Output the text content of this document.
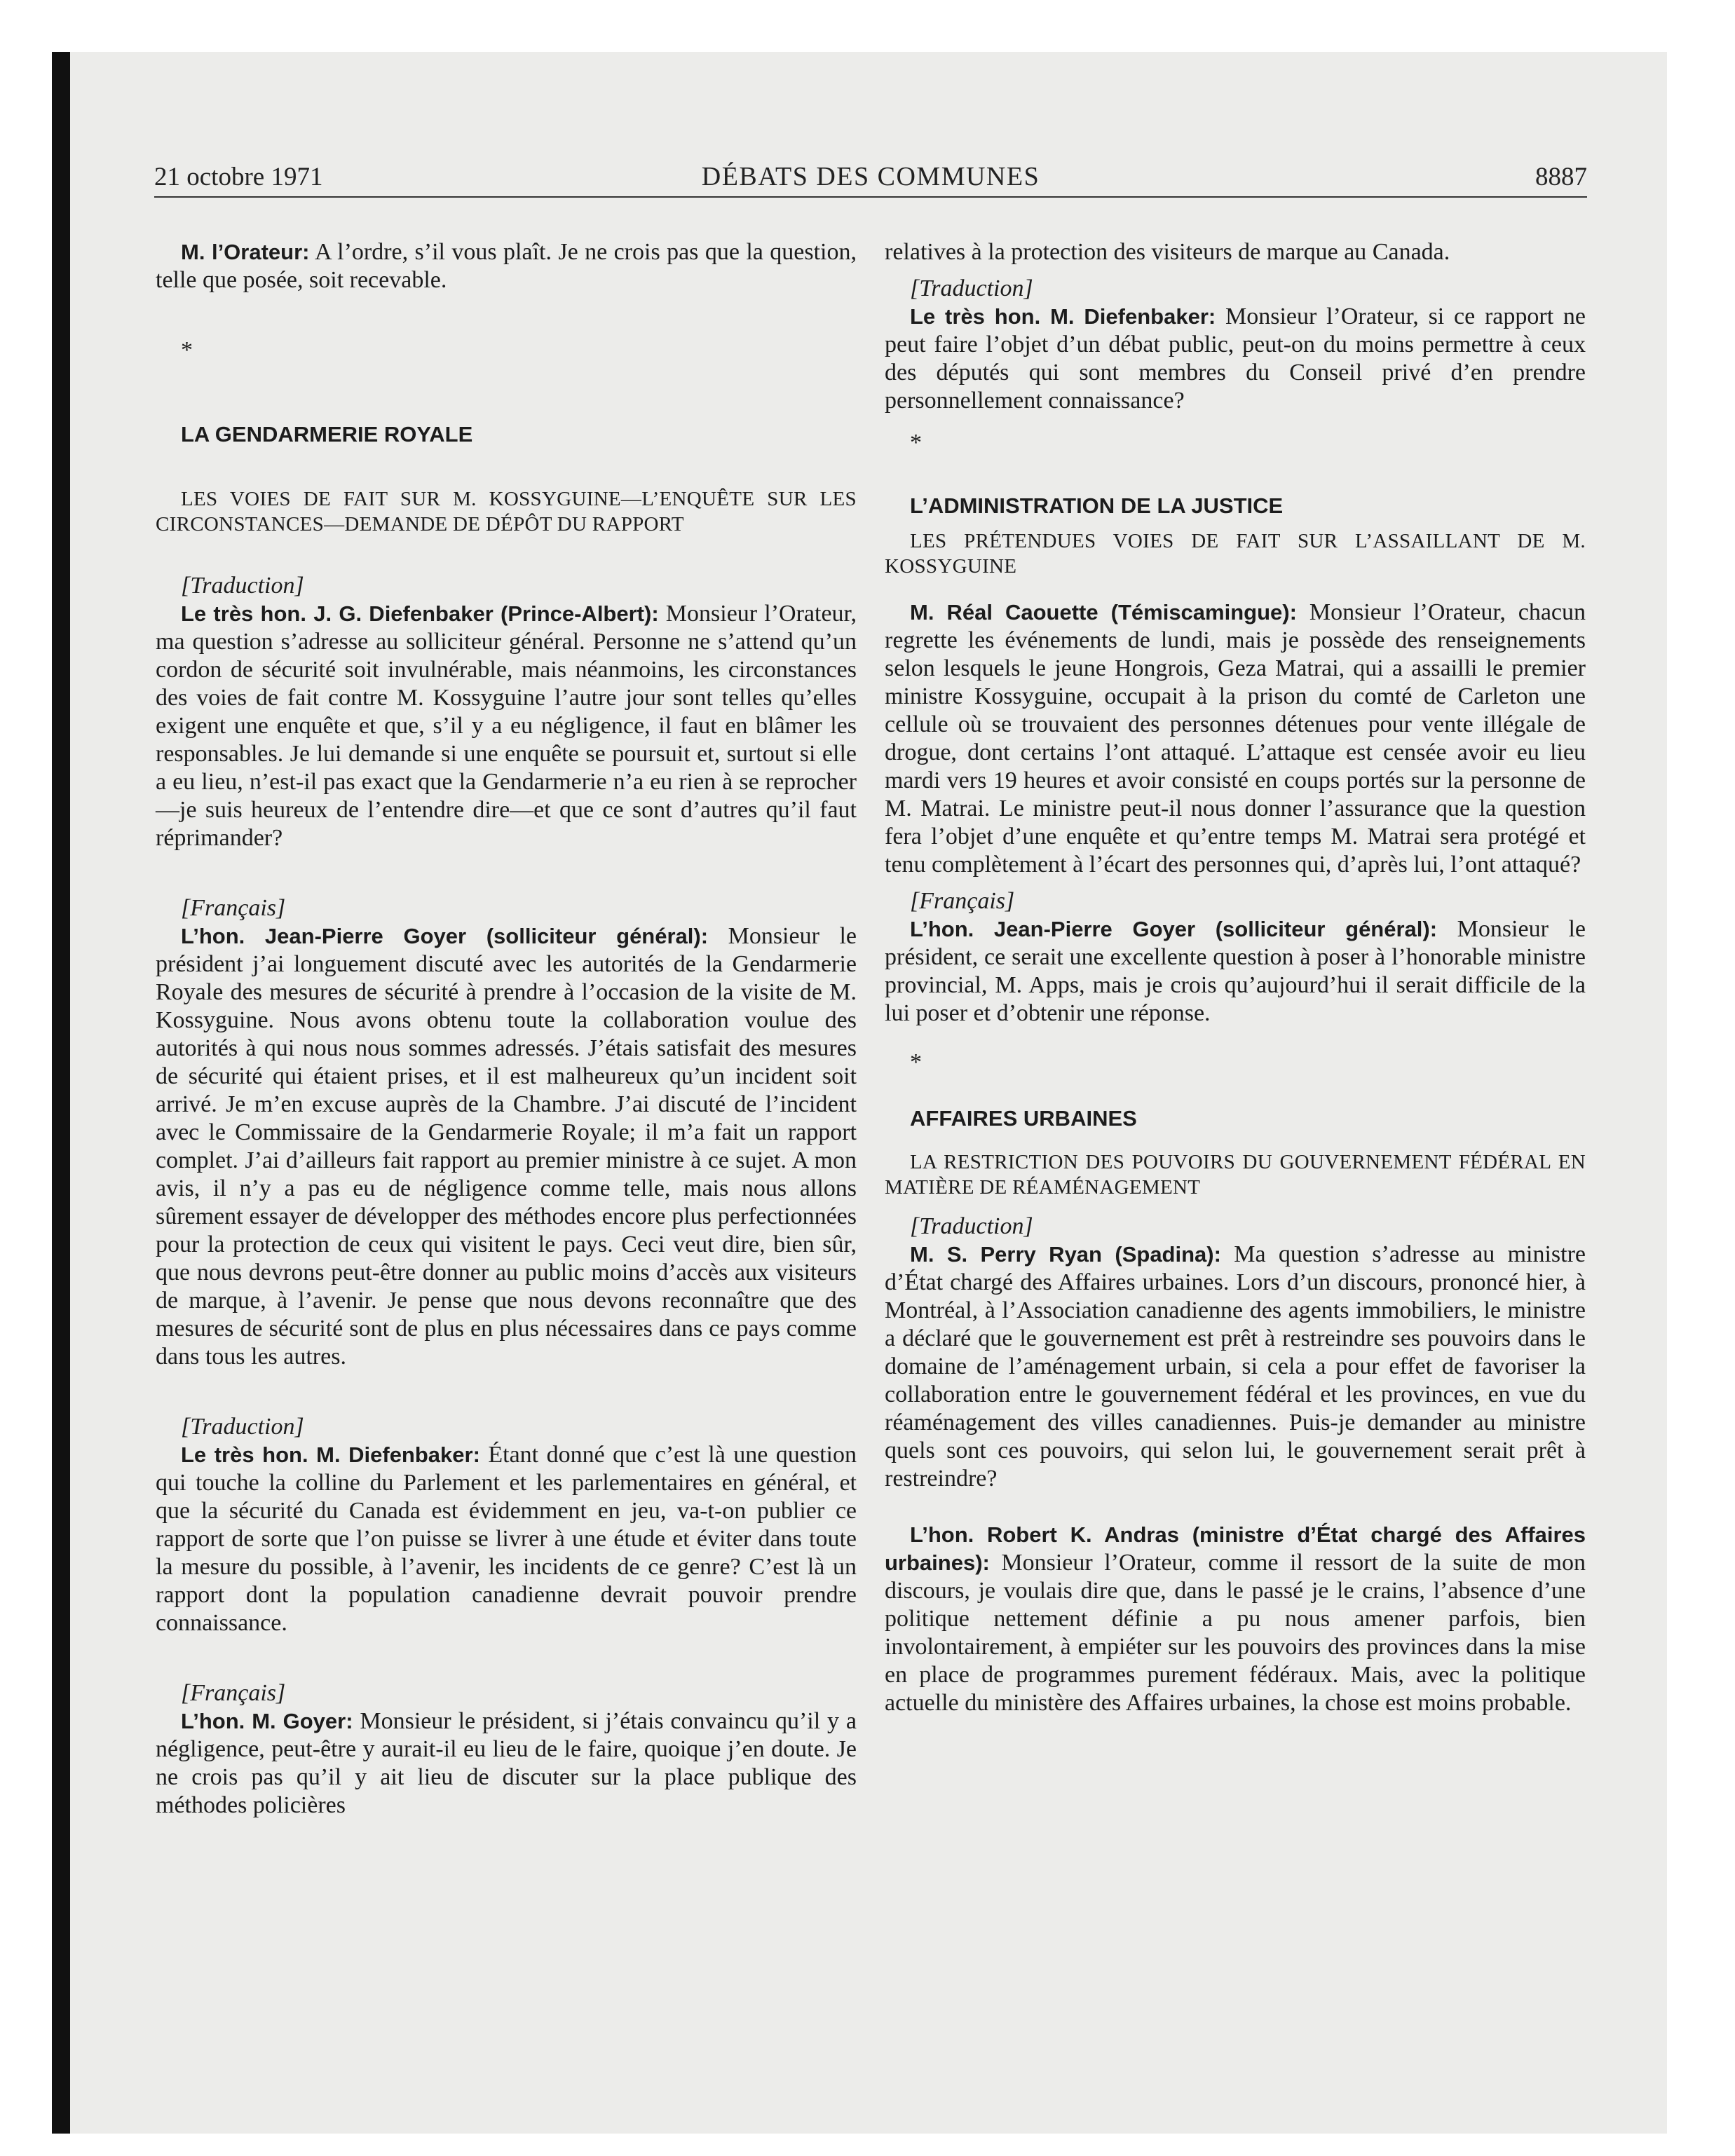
21 octobre 1971	DÉBATS DES COMMUNES	8887

M. l’Orateur: A l’ordre, s’il vous plaît. Je ne crois pas que la question, telle que posée, soit recevable.

*

LA GENDARMERIE ROYALE

LES VOIES DE FAIT SUR M. KOSSYGUINE—L’ENQUÊTE SUR LES CIRCONSTANCES—DEMANDE DE DÉPÔT DU RAPPORT

[Traduction]

Le très hon. J. G. Diefenbaker (Prince-Albert): Monsieur l’Orateur, ma question s’adresse au solliciteur général. Personne ne s’attend qu’un cordon de sécurité soit invulnérable, mais néanmoins, les circonstances des voies de fait contre M. Kossyguine l’autre jour sont telles qu’elles exigent une enquête et que, s’il y a eu négligence, il faut en blâmer les responsables. Je lui demande si une enquête se poursuit et, surtout si elle a eu lieu, n’est-il pas exact que la Gendarmerie n’a eu rien à se reprocher—je suis heureux de l’entendre dire—et que ce sont d’autres qu’il faut réprimander?

[Français]

L’hon. Jean-Pierre Goyer (solliciteur général): Monsieur le président j’ai longuement discuté avec les autorités de la Gendarmerie Royale des mesures de sécurité à prendre à l’occasion de la visite de M. Kossyguine. Nous avons obtenu toute la collaboration voulue des autorités à qui nous nous sommes adressés. J’étais satisfait des mesures de sécurité qui étaient prises, et il est malheureux qu’un incident soit arrivé. Je m’en excuse auprès de la Chambre. J’ai discuté de l’incident avec le Commissaire de la Gendarmerie Royale; il m’a fait un rapport complet. J’ai d’ailleurs fait rapport au premier ministre à ce sujet. A mon avis, il n’y a pas eu de négligence comme telle, mais nous allons sûrement essayer de développer des méthodes encore plus perfectionnées pour la protection de ceux qui visitent le pays. Ceci veut dire, bien sûr, que nous devrons peut-être donner au public moins d’accès aux visiteurs de marque, à l’avenir. Je pense que nous devons reconnaître que des mesures de sécurité sont de plus en plus nécessaires dans ce pays comme dans tous les autres.

[Traduction]

Le très hon. M. Diefenbaker: Étant donné que c’est là une question qui touche la colline du Parlement et les parlementaires en général, et que la sécurité du Canada est évidemment en jeu, va-t-on publier ce rapport de sorte que l’on puisse se livrer à une étude et éviter dans toute la mesure du possible, à l’avenir, les incidents de ce genre? C’est là un rapport dont la population canadienne devrait pouvoir prendre connaissance.

[Français]

L’hon. M. Goyer: Monsieur le président, si j’étais convaincu qu’il y a négligence, peut-être y aurait-il eu lieu de le faire, quoique j’en doute. Je ne crois pas qu’il y ait lieu de discuter sur la place publique des méthodes policières

relatives à la protection des visiteurs de marque au Canada.

[Traduction]

Le très hon. M. Diefenbaker: Monsieur l’Orateur, si ce rapport ne peut faire l’objet d’un débat public, peut-on du moins permettre à ceux des députés qui sont membres du Conseil privé d’en prendre personnellement connaissance?

*

L’ADMINISTRATION DE LA JUSTICE

LES PRÉTENDUES VOIES DE FAIT SUR L’ASSAILLANT DE M. KOSSYGUINE

M. Réal Caouette (Témiscamingue): Monsieur l’Orateur, chacun regrette les événements de lundi, mais je possède des renseignements selon lesquels le jeune Hongrois, Geza Matrai, qui a assailli le premier ministre Kossyguine, occupait à la prison du comté de Carleton une cellule où se trouvaient des personnes détenues pour vente illégale de drogue, dont certains l’ont attaqué. L’attaque est censée avoir eu lieu mardi vers 19 heures et avoir consisté en coups portés sur la personne de M. Matrai. Le ministre peut-il nous donner l’assurance que la question fera l’objet d’une enquête et qu’entre temps M. Matrai sera protégé et tenu complètement à l’écart des personnes qui, d’après lui, l’ont attaqué?

[Français]

L’hon. Jean-Pierre Goyer (solliciteur général): Monsieur le président, ce serait une excellente question à poser à l’honorable ministre provincial, M. Apps, mais je crois qu’aujourd’hui il serait difficile de la lui poser et d’obtenir une réponse.

*

AFFAIRES URBAINES

LA RESTRICTION DES POUVOIRS DU GOUVERNEMENT FÉDÉRAL EN MATIÈRE DE RÉAMÉNAGEMENT

[Traduction]

M. S. Perry Ryan (Spadina): Ma question s’adresse au ministre d’État chargé des Affaires urbaines. Lors d’un discours, prononcé hier, à Montréal, à l’Association canadienne des agents immobiliers, le ministre a déclaré que le gouvernement est prêt à restreindre ses pouvoirs dans le domaine de l’aménagement urbain, si cela a pour effet de favoriser la collaboration entre le gouvernement fédéral et les provinces, en vue du réaménagement des villes canadiennes. Puis-je demander au ministre quels sont ces pouvoirs, qui selon lui, le gouvernement serait prêt à restreindre?

L’hon. Robert K. Andras (ministre d’État chargé des Affaires urbaines): Monsieur l’Orateur, comme il ressort de la suite de mon discours, je voulais dire que, dans le passé je le crains, l’absence d’une politique nettement définie a pu nous amener parfois, bien involontairement, à empiéter sur les pouvoirs des provinces dans la mise en place de programmes purement fédéraux. Mais, avec la politique actuelle du ministère des Affaires urbaines, la chose est moins probable.
